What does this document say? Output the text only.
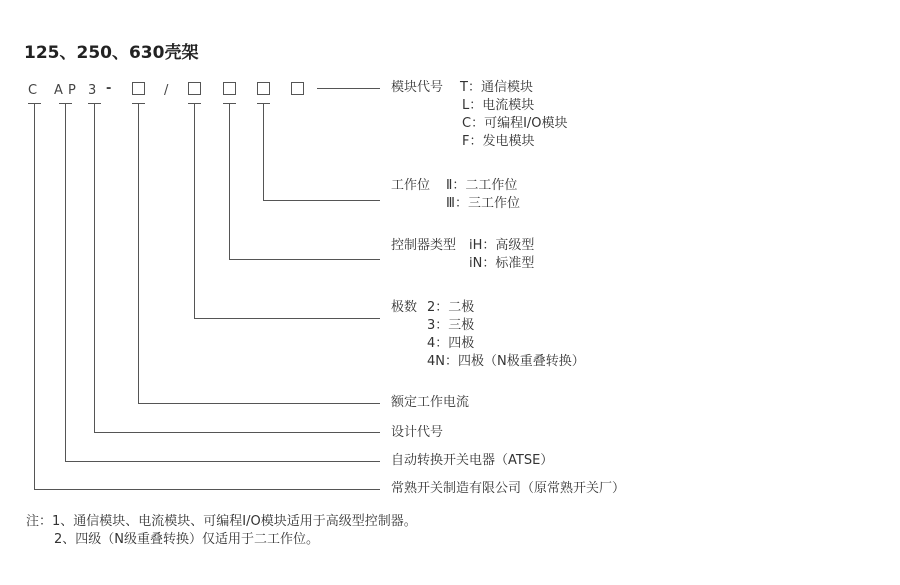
125、250、630壳架
C A P 3 -	/	模块代号 T：通信模块
L：电流模块
C：可编程I/O模块
F：发电模块
工作位 Ⅱ：二工作位
Ⅲ：三工作位
控制器类型 iH：高级型
iN：标准型
极数 2：二极
3：三极
4：四极
4N：四极（N极重叠转换）
额定工作电流
设计代号
自动转换开关电器（ATSE）
常熟开关制造有限公司（原常熟开关厂）
注：1、通信模块、电流模块、可编程I/O模块适用于高级型控制器。
2、四级（N级重叠转换）仅适用于二工作位。
